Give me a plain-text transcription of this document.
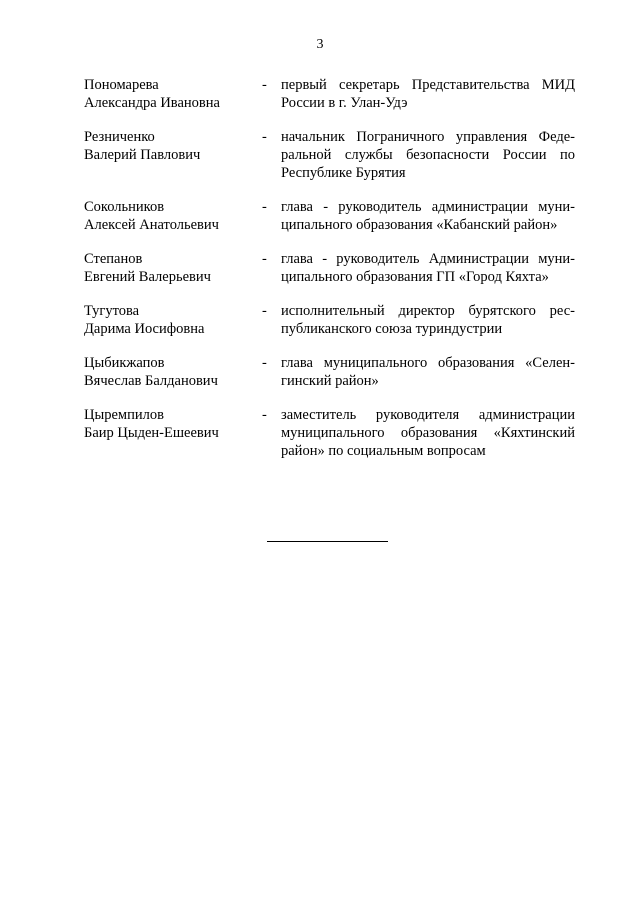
3
Пономарева
Александра Ивановна
- первый секретарь Представительства МИД России в г. Улан-Удэ
Резниченко
Валерий Павлович
- начальник Пограничного управления Федеральной службы безопасности России по Республике Бурятия
Сокольников
Алексей Анатольевич
- глава - руководитель администрации муниципального образования «Кабанский район»
Степанов
Евгений Валерьевич
- глава - руководитель Администрации муниципального образования ГП «Город Кяхта»
Тугутова
Дарима Иосифовна
- исполнительный директор бурятского республиканского союза туриндустрии
Цыбикжапов
Вячеслав Балданович
- глава муниципального образования «Селенгинский район»
Цыремпилов
Баир Цыден-Ешеевич
- заместитель руководителя администрации муниципального образования «Кяхтинский район» по социальным вопросам
